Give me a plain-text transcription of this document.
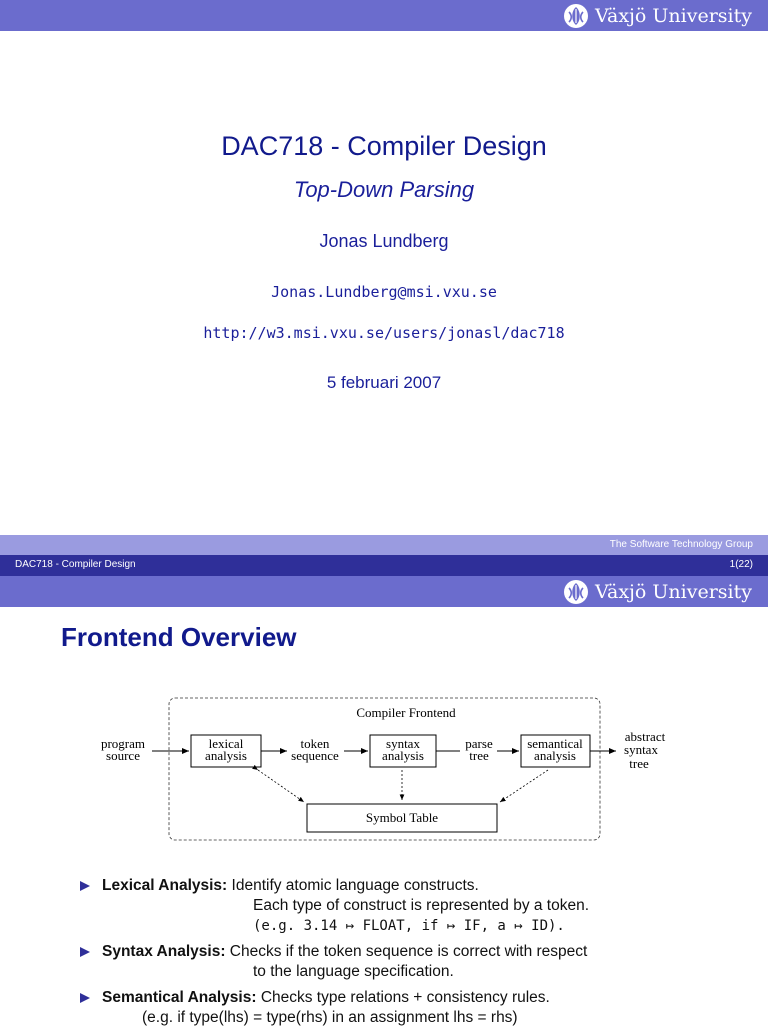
Växjö University
DAC718 - Compiler Design
Top-Down Parsing
Jonas Lundberg
Jonas.Lundberg@msi.vxu.se
http://w3.msi.vxu.se/users/jonasl/dac718
5 februari 2007
The Software Technology Group
DAC718 - Compiler Design	1(22)
Växjö University
Frontend Overview
Compiler Frontend
program
source
lexical
analysis
token
sequence
syntax
analysis
parse
tree
semantical
analysis
abstract
syntax
tree
Symbol Table
Lexical Analysis: Identify atomic language constructs.
Each type of construct is represented by a token.
(e.g. 3.14 ↦ FLOAT, if ↦ IF, a ↦ ID).
Syntax Analysis: Checks if the token sequence is correct with respect
to the language specification.
Semantical Analysis: Checks type relations + consistency rules.
(e.g. if type(lhs) = type(rhs) in an assignment lhs = rhs)
